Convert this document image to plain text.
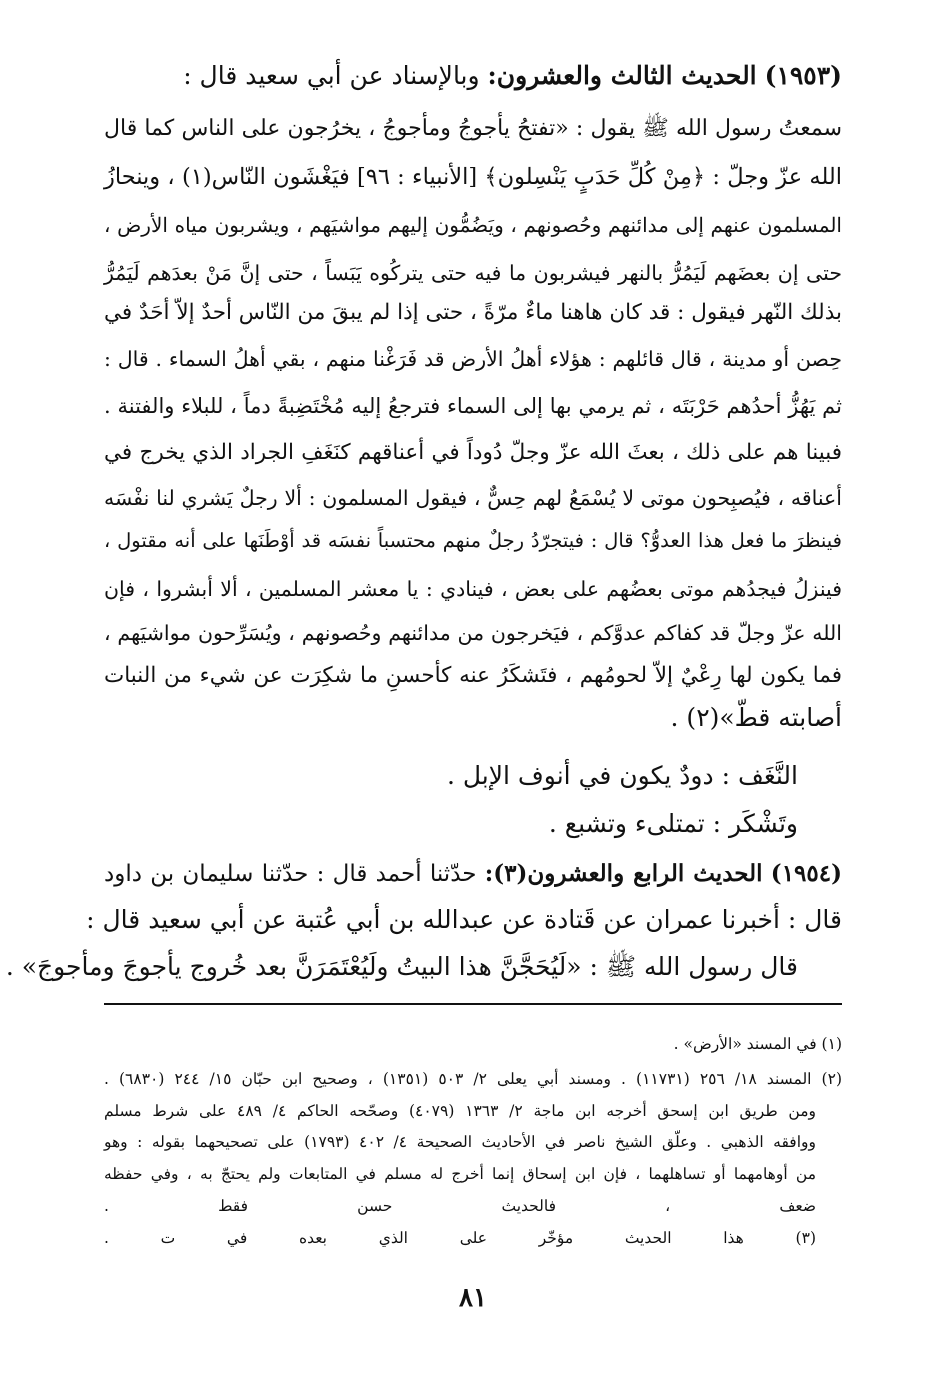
(١٩٥٣) الحديث الثالث والعشرون: وبالإسناد عن أبي سعيد قال :
سمعتُ رسول الله ﷺ يقول : «تفتحُ يأجوجُ ومأجوجُ ، يخرُجون على الناس كما قال
الله عزّ وجلّ : ﴿مِنْ كُلِّ حَدَبٍ يَنْسِلون﴾ [الأنبياء : ٩٦] فيَغْشَون النّاس(١) ، وينحازُ
المسلمون عنهم إلى مدائنهم وحُصونهم ، ويَضُمُّون إليهم مواشيَهم ، ويشربون مياه الأرض ،
حتى إن بعضَهم لَيَمُرُّ بالنهر فيشربون ما فيه حتى يتركُوه يَبَساً ، حتى إنَّ مَنْ بعدَهم لَيَمُرُّ
بذلك النّهر فيقول : قد كان هاهنا ماءٌ مرّةً ، حتى إذا لم يبقَ من النّاس أحدٌ إلاّ أحَدٌ في
حِصن أو مدينة ، قال قائلهم : هؤلاء أهلُ الأرض قد فَرَغْنا منهم ، بقي أهلُ السماء . قال :
ثم يَهُزُّ أحدُهم حَرْبَتَه ، ثم يرمي بها إلى السماء فترجعُ إليه مُخْتَضِبةً دماً ، للبلاء والفتنة .
فبينا هم على ذلك ، بعثَ الله عزّ وجلّ دُوداً في أعناقهم كنَغَفِ الجراد الذي يخرج في
أعناقه ، فيُصبِحون موتى لا يُسْمَعُ لهم حِسٌّ ، فيقول المسلمون : ألا رجلٌ يَشري لنا نفْسَه
فينظرَ ما فعل هذا العدوُّ؟ قال : فيتجرّدُ رجلٌ منهم محتسباً نفسَه قد أوْطَنَها على أنه مقتول ،
فينزلُ فيجدُهم موتى بعضُهم على بعض ، فينادي : يا معشر المسلمين ، ألا أبشروا ، فإن
الله عزّ وجلّ قد كفاكم عدوَّكم ، فيَخرجون من مدائنهم وحُصونهم ، ويُسَرِّحون مواشيَهم ،
فما يكون لها رِعْيٌ إلاّ لحومُهم ، فتَشكَرُ عنه كأحسنِ ما شكِرَت عن شيء من النبات
أصابته قطّ»(٢) .
النَّغَف : دودٌ يكون في أنوف الإبل .
وتَشْكَر : تمتلىء وتشبع .
(١٩٥٤) الحديث الرابع والعشرون(٣): حدّثنا أحمد قال : حدّثنا سليمان بن داود
قال : أخبرنا عمران عن قَتادة عن عبدالله بن أبي عُتبة عن أبي سعيد قال :
قال رسول الله ﷺ : «لَيُحَجَّنَّ هذا البيتُ ولَيُعْتَمَرَنَّ بعد خُروج يأجوجَ ومأجوجَ» .
(١) في المسند «الأرض» .
(٢) المسند ١٨/ ٢٥٦ (١١٧٣١) . ومسند أبي يعلى ٢/ ٥٠٣ (١٣٥١) ، وصحيح ابن حبّان ١٥/ ٢٤٤ (٦٨٣٠) .
ومن طريق ابن إسحق أخرجه ابن ماجة ٢/ ١٣٦٣ (٤٠٧٩) وصحّحه الحاكم ٤/ ٤٨٩ على شرط مسلم
ووافقه الذهبي . وعلّق الشيخ ناصر في الأحاديث الصحيحة ٤/ ٤٠٢ (١٧٩٣) على تصحيحهما بقوله : وهو
من أوهامهما أو تساهلهما ، فإن ابن إسحاق إنما أخرج له مسلم في المتابعات ولم يحتجّ به ، وفي حفظه
ضعف ، فالحديث حسن فقط .
(٣) هذا الحديث مؤخّر على الذي بعده في ت .
٨١
